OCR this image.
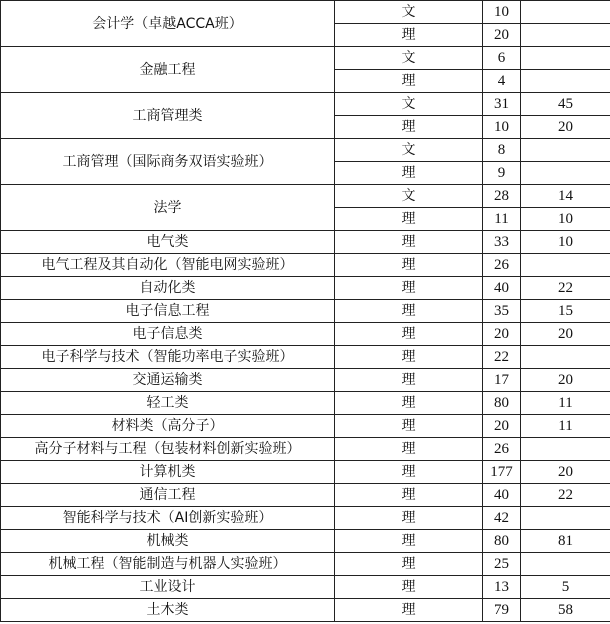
会计学（卓越ACCA班）	文	10	
	理	20	
金融工程	文	6	
	理	4	
工商管理类	文	31	45
	理	10	20
工商管理（国际商务双语实验班）	文	8	
	理	9	
法学	文	28	14
	理	11	10
电气类	理	33	10
电气工程及其自动化（智能电网实验班）	理	26	
自动化类	理	40	22
电子信息工程	理	35	15
电子信息类	理	20	20
电子科学与技术（智能功率电子实验班）	理	22	
交通运输类	理	17	20
轻工类	理	80	11
材料类（高分子）	理	20	11
高分子材料与工程（包装材料创新实验班）	理	26	
计算机类	理	177	20
通信工程	理	40	22
智能科学与技术（AI创新实验班）	理	42	
机械类	理	80	81
机械工程（智能制造与机器人实验班）	理	25	
工业设计	理	13	5
土木类	理	79	58
